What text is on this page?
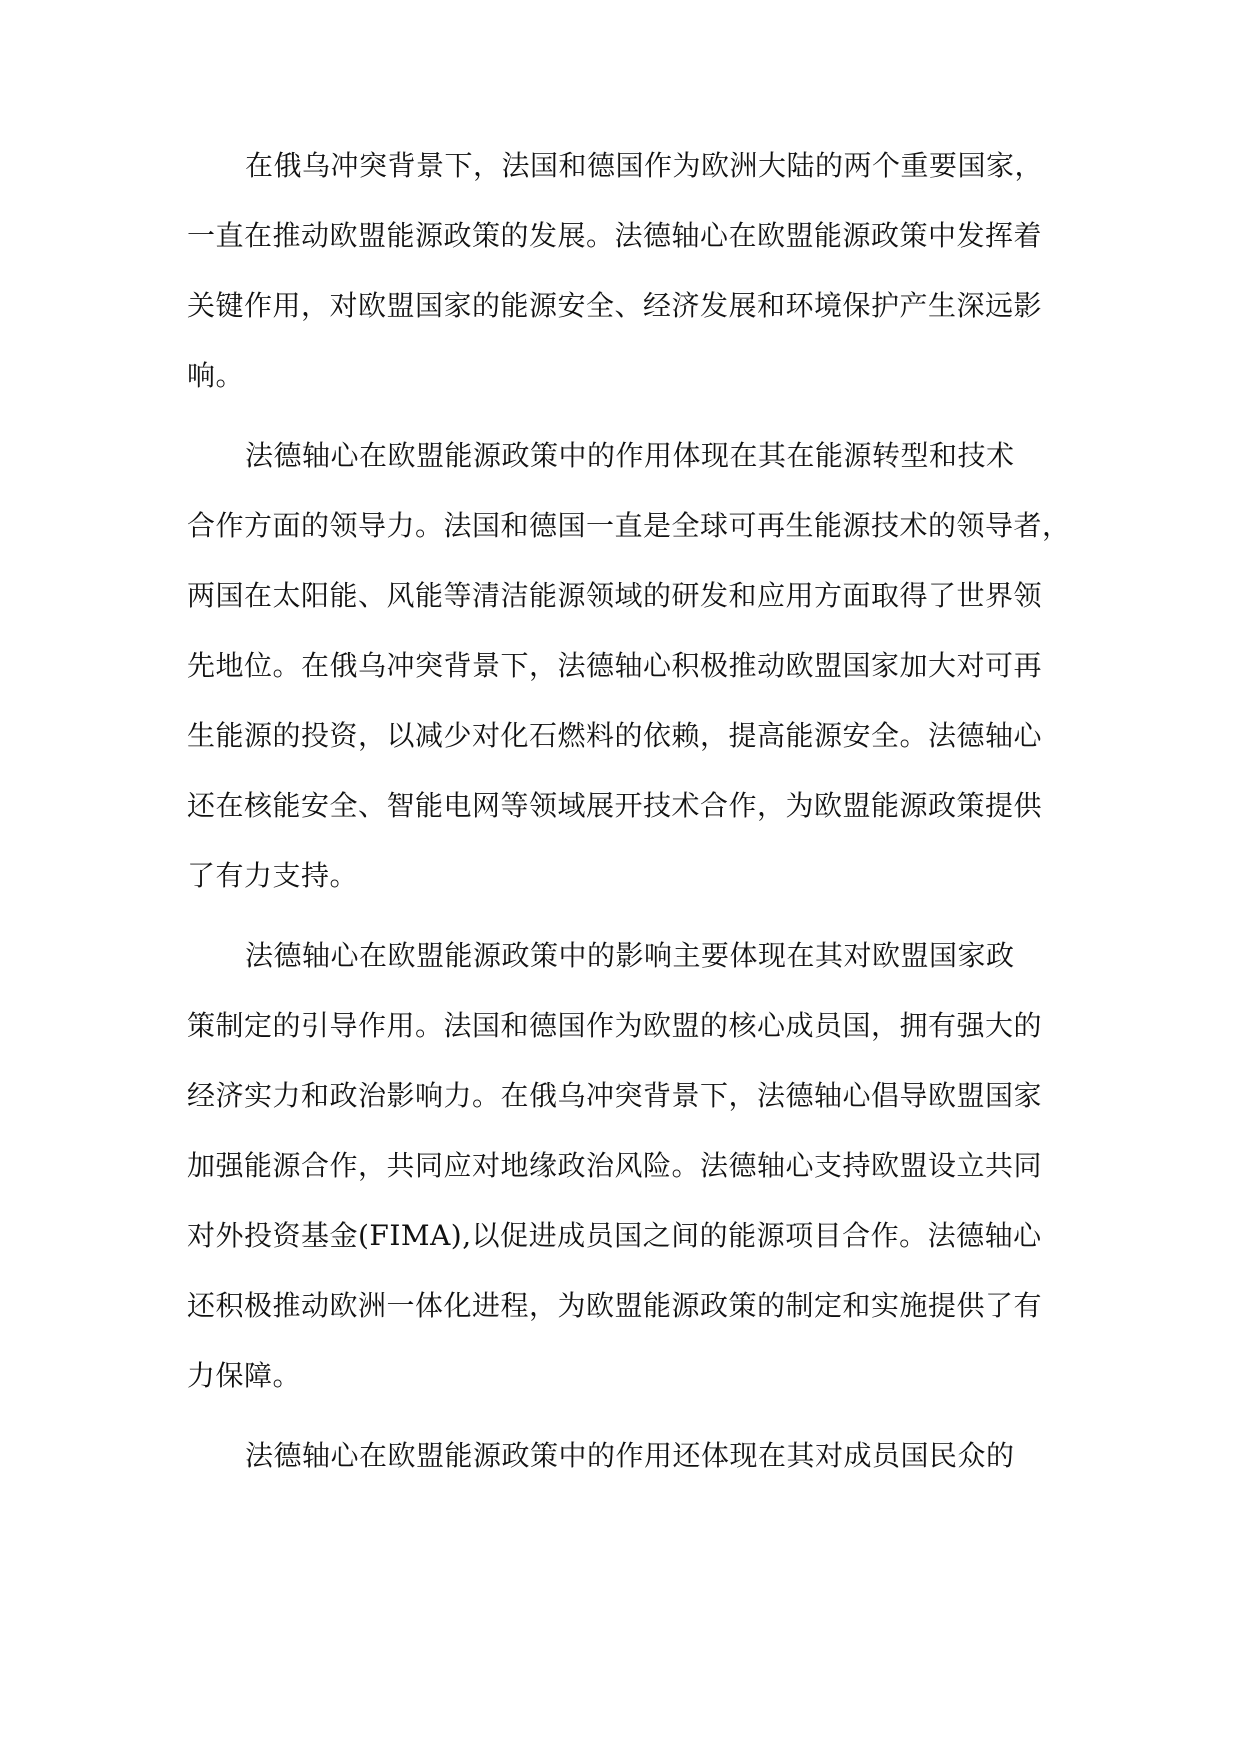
在俄乌冲突背景下，法国和德国作为欧洲大陆的两个重要国家，
一直在推动欧盟能源政策的发展。法德轴心在欧盟能源政策中发挥着
关键作用，对欧盟国家的能源安全、经济发展和环境保护产生深远影
响。
法德轴心在欧盟能源政策中的作用体现在其在能源转型和技术
合作方面的领导力。法国和德国一直是全球可再生能源技术的领导者，
两国在太阳能、风能等清洁能源领域的研发和应用方面取得了世界领
先地位。在俄乌冲突背景下，法德轴心积极推动欧盟国家加大对可再
生能源的投资，以减少对化石燃料的依赖，提高能源安全。法德轴心
还在核能安全、智能电网等领域展开技术合作，为欧盟能源政策提供
了有力支持。
法德轴心在欧盟能源政策中的影响主要体现在其对欧盟国家政
策制定的引导作用。法国和德国作为欧盟的核心成员国，拥有强大的
经济实力和政治影响力。在俄乌冲突背景下，法德轴心倡导欧盟国家
加强能源合作，共同应对地缘政治风险。法德轴心支持欧盟设立共同
对外投资基金(FIMA),以促进成员国之间的能源项目合作。法德轴心
还积极推动欧洲一体化进程，为欧盟能源政策的制定和实施提供了有
力保障。
法德轴心在欧盟能源政策中的作用还体现在其对成员国民众的
